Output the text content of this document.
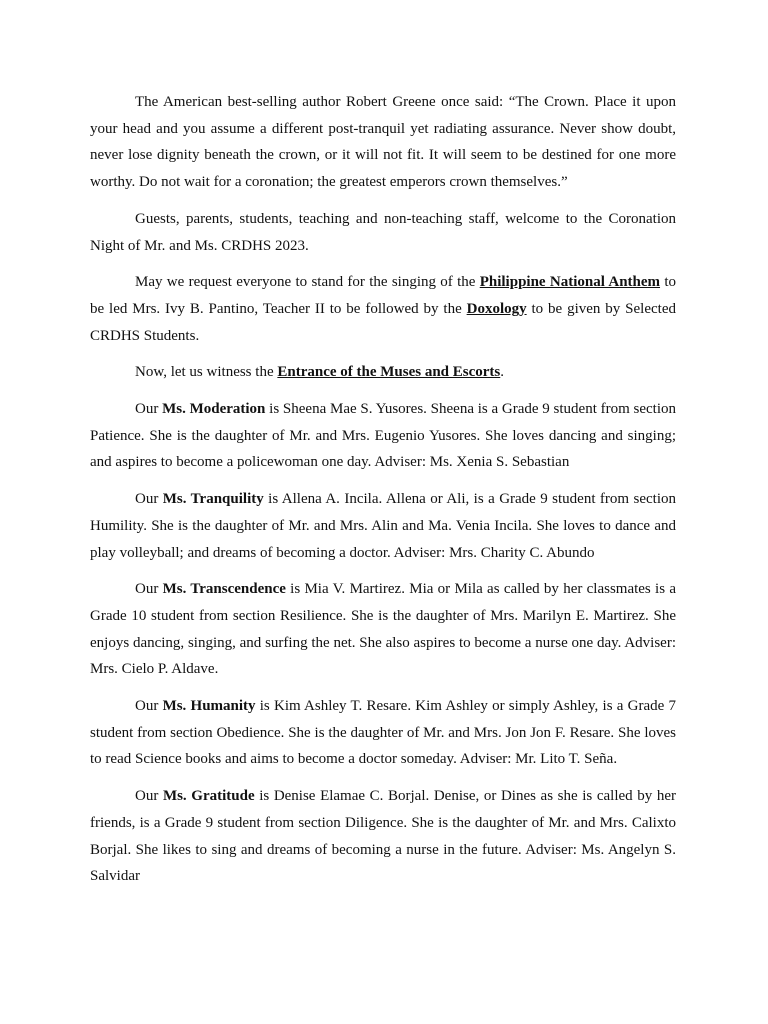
The American best-selling author Robert Greene once said: “The Crown. Place it upon your head and you assume a different post-tranquil yet radiating assurance. Never show doubt, never lose dignity beneath the crown, or it will not fit. It will seem to be destined for one more worthy. Do not wait for a coronation; the greatest emperors crown themselves.”

Guests, parents, students, teaching and non-teaching staff, welcome to the Coronation Night of Mr. and Ms. CRDHS 2023.

May we request everyone to stand for the singing of the Philippine National Anthem to be led Mrs. Ivy B. Pantino, Teacher II to be followed by the Doxology to be given by Selected CRDHS Students.

Now, let us witness the Entrance of the Muses and Escorts.

Our Ms. Moderation is Sheena Mae S. Yusores. Sheena is a Grade 9 student from section Patience. She is the daughter of Mr. and Mrs. Eugenio Yusores. She loves dancing and singing; and aspires to become a policewoman one day. Adviser: Ms. Xenia S. Sebastian

Our Ms. Tranquility is Allena A. Incila. Allena or Ali, is a Grade 9 student from section Humility. She is the daughter of Mr. and Mrs. Alin and Ma. Venia Incila. She loves to dance and play volleyball; and dreams of becoming a doctor. Adviser: Mrs. Charity C. Abundo

Our Ms. Transcendence is Mia V. Martirez. Mia or Mila as called by her classmates is a Grade 10 student from section Resilience. She is the daughter of Mrs. Marilyn E. Martirez. She enjoys dancing, singing, and surfing the net. She also aspires to become a nurse one day. Adviser: Mrs. Cielo P. Aldave.

Our Ms. Humanity is Kim Ashley T. Resare. Kim Ashley or simply Ashley, is a Grade 7 student from section Obedience. She is the daughter of Mr. and Mrs. Jon Jon F. Resare. She loves to read Science books and aims to become a doctor someday. Adviser: Mr. Lito T. Seña.

Our Ms. Gratitude is Denise Elamae C. Borjal. Denise, or Dines as she is called by her friends, is a Grade 9 student from section Diligence. She is the daughter of Mr. and Mrs. Calixto Borjal. She likes to sing and dreams of becoming a nurse in the future. Adviser: Ms. Angelyn S. Salvidar
